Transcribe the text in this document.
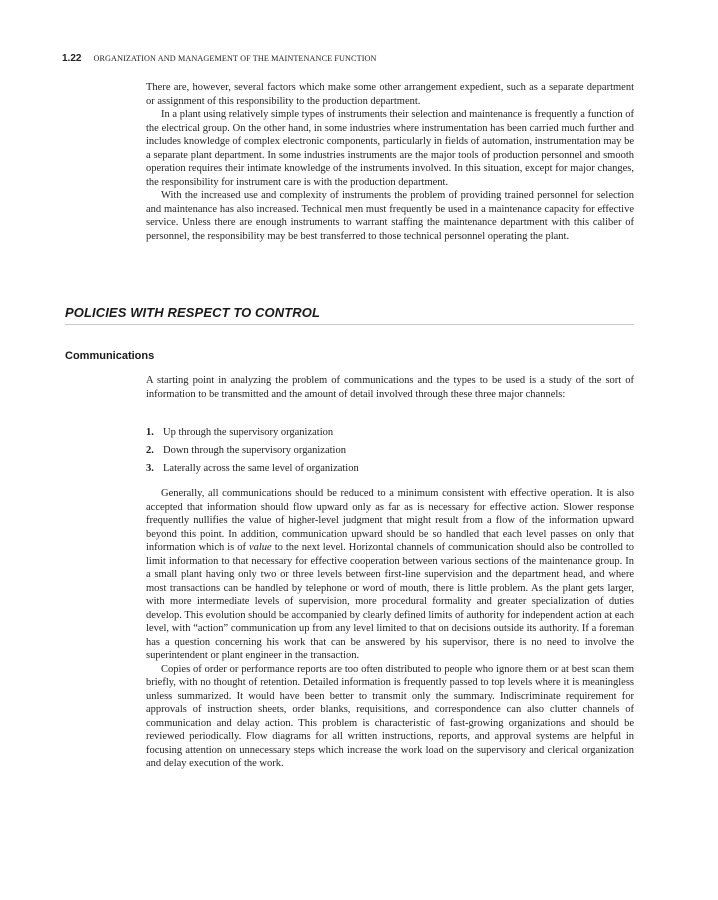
1.22 ORGANIZATION AND MANAGEMENT OF THE MAINTENANCE FUNCTION

There are, however, several factors which make some other arrangement expedient, such as a separate department or assignment of this responsibility to the production department.

In a plant using relatively simple types of instruments their selection and maintenance is frequently a function of the electrical group. On the other hand, in some industries where instrumentation has been carried much further and includes knowledge of complex electronic components, particularly in fields of automation, instrumentation may be a separate plant department. In some industries instruments are the major tools of production personnel and smooth operation requires their intimate knowledge of the instruments involved. In this situation, except for major changes, the responsibility for instrument care is with the production department.

With the increased use and complexity of instruments the problem of providing trained personnel for selection and maintenance has also increased. Technical men must frequently be used in a maintenance capacity for effective service. Unless there are enough instruments to warrant staffing the maintenance department with this caliber of personnel, the responsibility may be best transferred to those technical personnel operating the plant.

POLICIES WITH RESPECT TO CONTROL
Communications

A starting point in analyzing the problem of communications and the types to be used is a study of the sort of information to be transmitted and the amount of detail involved through these three major channels:

1. Up through the supervisory organization
2. Down through the supervisory organization
3. Laterally across the same level of organization

Generally, all communications should be reduced to a minimum consistent with effective operation. It is also accepted that information should flow upward only as far as is necessary for effective action. Slower response frequently nullifies the value of higher-level judgment that might result from a flow of the information upward beyond this point. In addition, communication upward should be so handled that each level passes on only that information which is of value to the next level. Horizontal channels of communication should also be controlled to limit information to that necessary for effective cooperation between various sections of the maintenance group. In a small plant having only two or three levels between first-line supervision and the department head, and where most transactions can be handled by telephone or word of mouth, there is little problem. As the plant gets larger, with more intermediate levels of supervision, more procedural formality and greater specialization of duties develop. This evolution should be accompanied by clearly defined limits of authority for independent action at each level, with “action” communication up from any level limited to that on decisions outside its authority. If a foreman has a question concerning his work that can be answered by his supervisor, there is no need to involve the superintendent or plant engineer in the transaction.

Copies of order or performance reports are too often distributed to people who ignore them or at best scan them briefly, with no thought of retention. Detailed information is frequently passed to top levels where it is meaningless unless summarized. It would have been better to transmit only the summary. Indiscriminate requirement for approvals of instruction sheets, order blanks, requisitions, and correspondence can also clutter channels of communication and delay action. This problem is characteristic of fast-growing organizations and should be reviewed periodically. Flow diagrams for all written instructions, reports, and approval systems are helpful in focusing attention on unnecessary steps which increase the work load on the supervisory and clerical organization and delay execution of the work.
